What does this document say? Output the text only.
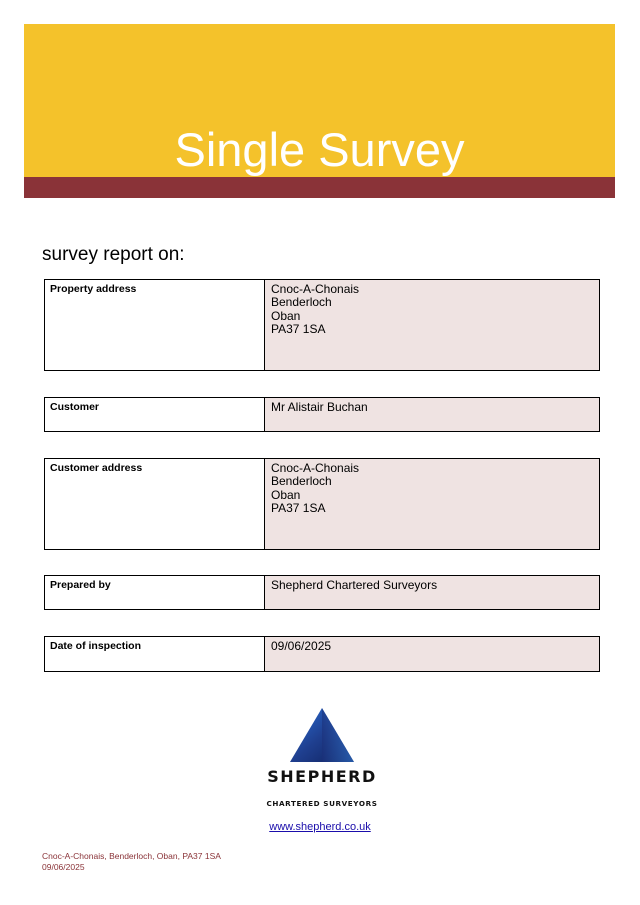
Single Survey
survey report on:
Property address	Cnoc-A-Chonais
Benderloch
Oban
PA37 1SA
Customer	Mr Alistair Buchan
Customer address	Cnoc-A-Chonais
Benderloch
Oban
PA37 1SA
Prepared by	Shepherd Chartered Surveyors
Date of inspection	09/06/2025
SHEPHERD
CHARTERED SURVEYORS
www.shepherd.co.uk
Cnoc-A-Chonais, Benderloch, Oban, PA37 1SA
09/06/2025
